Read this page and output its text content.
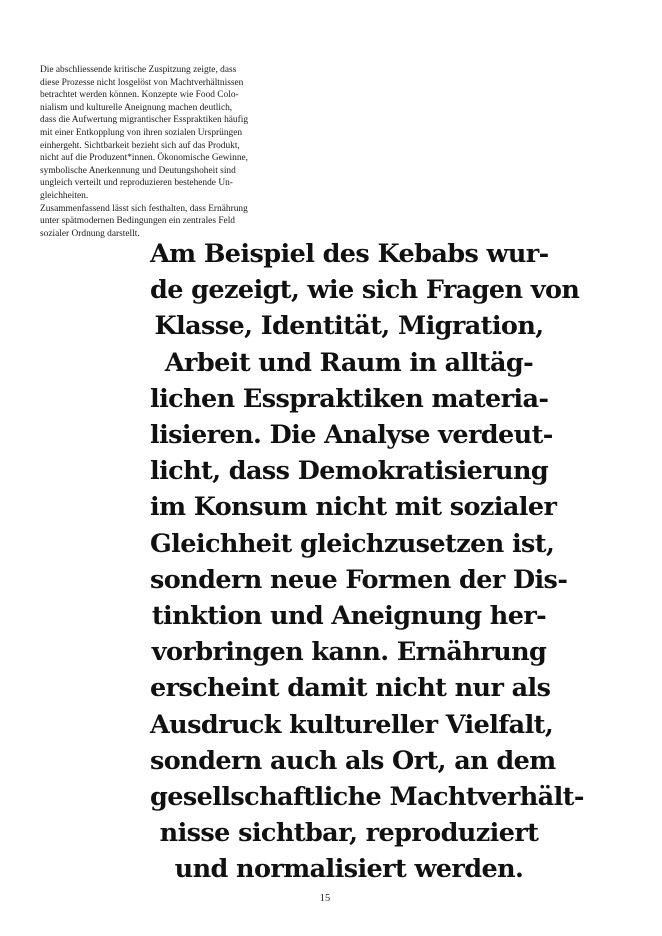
Die abschliessende kritische Zuspitzung zeigte, dass
diese Prozesse nicht losgelöst von Machtverhältnissen
betrachtet werden können. Konzepte wie Food Colo-
nialism und kulturelle Aneignung machen deutlich,
dass die Aufwertung migrantischer Esspraktiken häufig
mit einer Entkopplung von ihren sozialen Ursprüngen
einhergeht. Sichtbarkeit bezieht sich auf das Produkt,
nicht auf die Produzent*innen. Ökonomische Gewinne,
symbolische Anerkennung und Deutungshoheit sind
ungleich verteilt und reproduzieren bestehende Un-
gleichheiten.
Zusammenfassend lässt sich festhalten, dass Ernährung
unter spätmodernen Bedingungen ein zentrales Feld
sozialer Ordnung darstellt.
Am Beispiel des Kebabs wur-
de gezeigt, wie sich Fragen von
Klasse, Identität, Migration,
Arbeit und Raum in alltäg-
lichen Esspraktiken materia-
lisieren. Die Analyse verdeut-
licht, dass Demokratisierung
im Konsum nicht mit sozialer
Gleichheit gleichzusetzen ist,
sondern neue Formen der Dis-
tinktion und Aneignung her-
vorbringen kann. Ernährung
erscheint damit nicht nur als
Ausdruck kultureller Vielfalt,
sondern auch als Ort, an dem
gesellschaftliche Machtverhält-
nisse sichtbar, reproduziert
und normalisiert werden.
15
